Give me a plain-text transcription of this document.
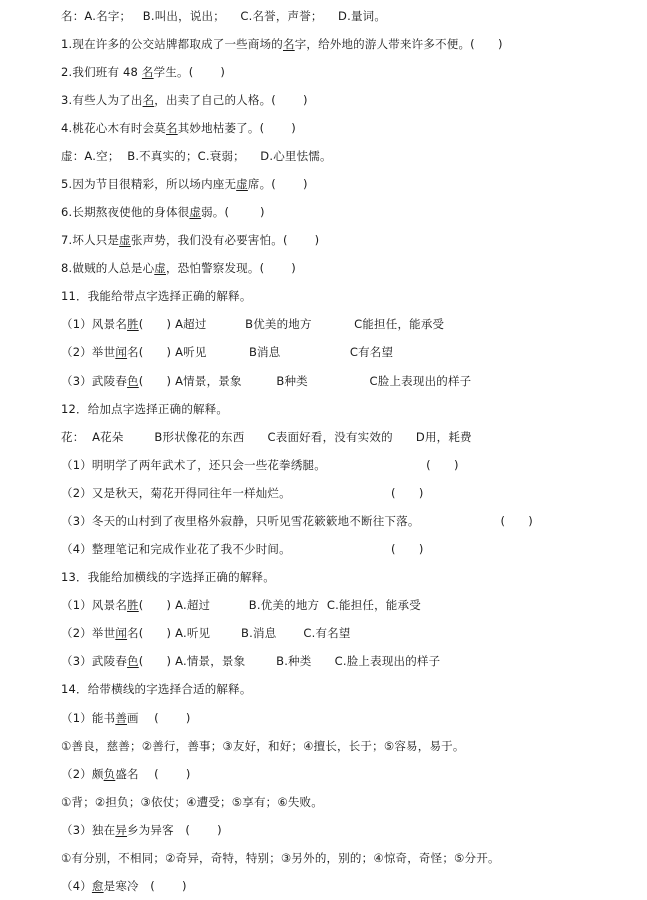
名：A.名字；   B.叫出，说出；    C.名誉，声誉；    D.量词。
1.现在许多的公交站牌都取成了一些商场的名字，给外地的游人带来许多不便。(      )
2.我们班有 48 名学生。(       )
3.有些人为了出名，出卖了自己的人格。(       )
4.桃花心木有时会莫名其妙地枯萎了。(       )
虚：A.空；  B.不真实的；C.衰弱；    D.心里怯懦。
5.因为节目很精彩，所以场内座无虚席。(       )
6.长期熬夜使他的身体很虚弱。(        )
7.坏人只是虚张声势，我们没有必要害怕。(       )
8.做贼的人总是心虚，恐怕警察发现。(       )
11．我能给带点字选择正确的解释。
（1）风景名胜(      ) A超过          B优美的地方           C能担任，能承受
（2）举世闻名(      ) A听见           B消息                  C有名望
（3）武陵春色(      ) A情景，景象         B种类                C脸上表现出的样子
12．给加点字选择正确的解释。
花：  A花朵        B形状像花的东西      C表面好看，没有实效的      D用，耗费
（1）明明学了两年武术了，还只会一些花拳绣腿。                          (      )
（2）又是秋天，菊花开得同往年一样灿烂。                          (      )
（3）冬天的山村到了夜里格外寂静，只听见雪花簌簌地不断往下落。                     (      )
（4）整理笔记和完成作业花了我不少时间。                          (      )
13．我能给加横线的字选择正确的解释。
（1）风景名胜(      ) A.超过          B.优美的地方  C.能担任，能承受
（2）举世闻名(      ) A.听见        B.消息       C.有名望
（3）武陵春色(      ) A.情景，景象        B.种类      C.脸上表现出的样子
14．给带横线的字选择合适的解释。
（1）能书善画    (       )
①善良，慈善；②善行，善事；③友好，和好；④擅长，长于；⑤容易，易于。
（2）颇负盛名    (       )
①背；②担负；③依仗；④遭受；⑤享有；⑥失败。
（3）独在异乡为异客   (       )
①有分别，不相同；②奇异，奇特，特别；③另外的，别的；④惊奇，奇怪；⑤分开。
（4）愈是寒冷   (       )
